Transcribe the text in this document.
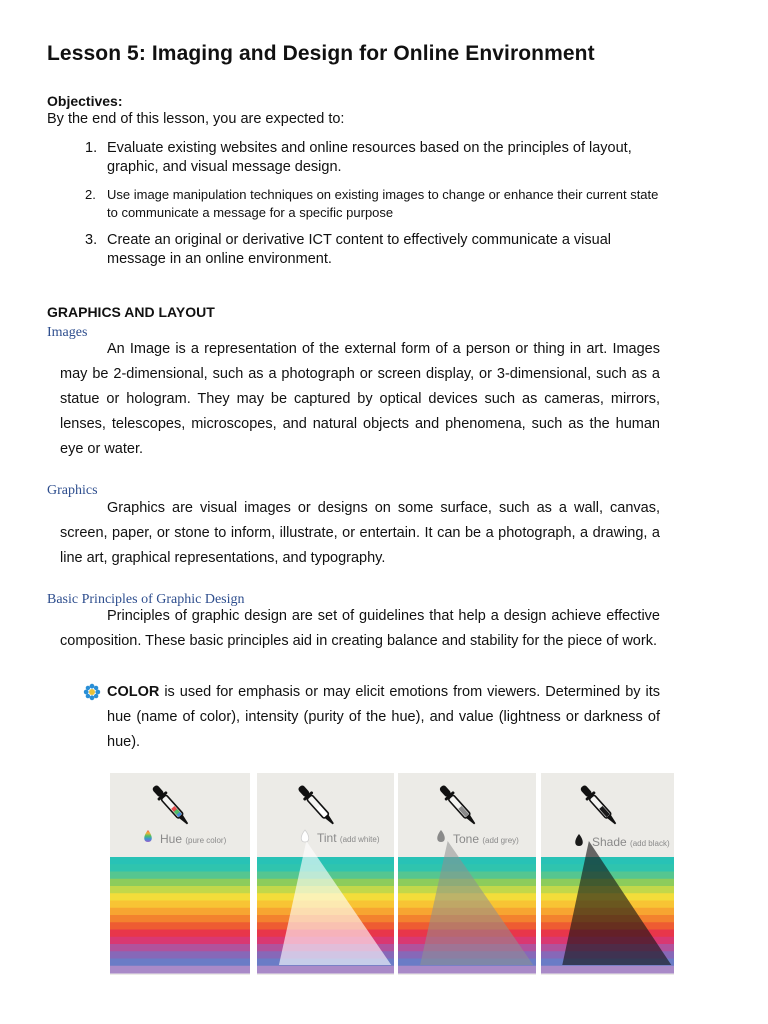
Lesson 5: Imaging and Design for Online Environment
Objectives:
By the end of this lesson, you are expected to:
1. Evaluate existing websites and online resources based on the principles of layout, graphic, and visual message design.
2. Use image manipulation techniques on existing images to change or enhance their current state to communicate a message for a specific purpose
3. Create an original or derivative ICT content to effectively communicate a visual message in an online environment.
GRAPHICS AND LAYOUT
Images

An Image is a representation of the external form of a person or thing in art. Images may be 2-dimensional, such as a photograph or screen display, or 3-dimensional, such as a statue or hologram. They may be captured by optical devices such as cameras, mirrors, lenses, telescopes, microscopes, and natural objects and phenomena, such as the human eye or water.

Graphics

Graphics are visual images or designs on some surface, such as a wall, canvas, screen, paper, or stone to inform, illustrate, or entertain. It can be a photograph, a drawing, a line art, graphical representations, and typography.

Basic Principles of Graphic Design

Principles of graphic design are set of guidelines that help a design achieve effective composition. These basic principles aid in creating balance and stability for the piece of work.

COLOR is used for emphasis or may elicit emotions from viewers. Determined by its hue (name of color), intensity (purity of the hue), and value (lightness or darkness of hue).

Hue (pure color)	Tint (add white)	Tone (add grey)	Shade (add black)
